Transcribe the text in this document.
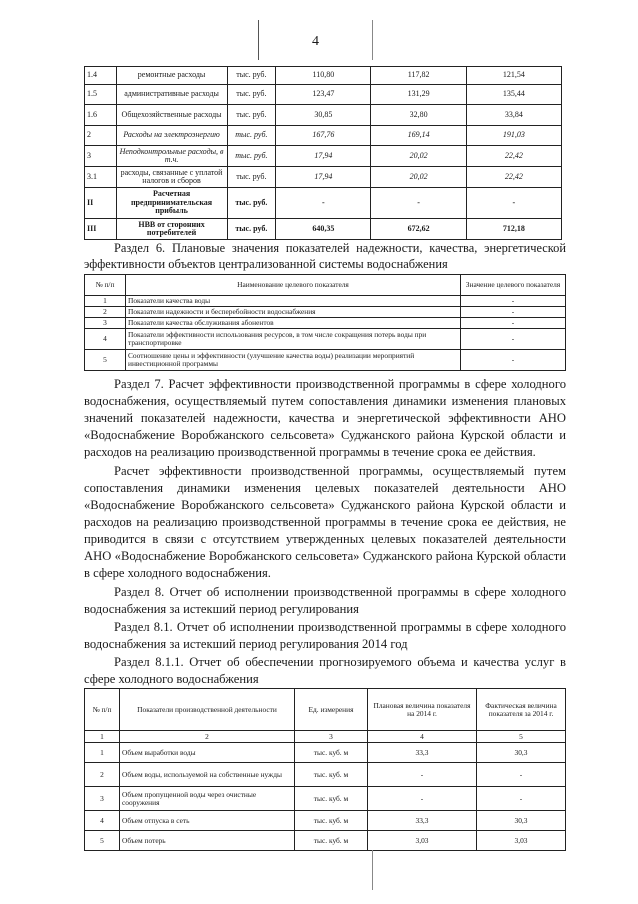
4
1.4	ремонтные расходы	тыс. руб.	110,80	117,82	121,54
1.5	административные расходы	тыс. руб.	123,47	131,29	135,44
1.6	Общехозяйственные расходы	тыс. руб.	30,85	32,80	33,84
2	Расходы на электроэнергию	тыс. руб.	167,76	169,14	191,03
3	Неподконтрольные расходы, в т.ч.	тыс. руб.	17,94	20,02	22,42
3.1	расходы, связанные с уплатой налогов и сборов	тыс. руб.	17,94	20,02	22,42
II	Расчетная предпринимательская прибыль	тыс. руб.	-	-	-
III	НВВ от сторонних потребителей	тыс. руб.	640,35	672,62	712,18

Раздел 6. Плановые значения показателей надежности, качества, энергетической эффективности объектов централизованной системы водоснабжения

№ п/п	Наименование целевого показателя	Значение целевого показателя
1	Показатели качества воды	-
2	Показатели надежности и бесперебойности водоснабжения	-
3	Показатели качества обслуживания абонентов	-
4	Показатели эффективности использования ресурсов, в том числе сокращения потерь воды при транспортировке	-
5	Соотношение цены и эффективности (улучшение качества воды) реализации мероприятий инвестиционной программы	-

Раздел 7. Расчет эффективности производственной программы в сфере холодного водоснабжения, осуществляемый путем сопоставления динамики изменения плановых значений показателей надежности, качества и энергетической эффективности АНО «Водоснабжение Воробжанского сельсовета» Суджанского района Курской области и расходов на реализацию производственной программы в течение срока ее действия.

Расчет эффективности производственной программы, осуществляемый путем сопоставления динамики изменения целевых показателей деятельности АНО «Водоснабжение Воробжанского сельсовета» Суджанского района Курской области и расходов на реализацию производственной программы в течение срока ее действия, не приводится в связи с отсутствием утвержденных целевых показателей деятельности АНО «Водоснабжение Воробжанского сельсовета» Суджанского района Курской области в сфере холодного водоснабжения.

Раздел 8. Отчет об исполнении производственной программы в сфере холодного водоснабжения за истекший период регулирования

Раздел 8.1. Отчет об исполнении производственной программы в сфере холодного водоснабжения за истекший период регулирования 2014 год

Раздел 8.1.1. Отчет об обеспечении прогнозируемого объема и качества услуг в сфере холодного водоснабжения

№ п/п	Показатели производственной деятельности	Ед. измерения	Плановая величина показателя на 2014 г.	Фактическая величина показателя за 2014 г.
1	2	3	4	5
1	Объем выработки воды	тыс. куб. м	33,3	30,3
2	Объем воды, используемой на собственные нужды	тыс. куб. м	-	-
3	Объем пропущенной воды через очистные сооружения	тыс. куб. м	-	-
4	Объем отпуска в сеть	тыс. куб. м	33,3	30,3
5	Объем потерь	тыс. куб. м	3,03	3,03
